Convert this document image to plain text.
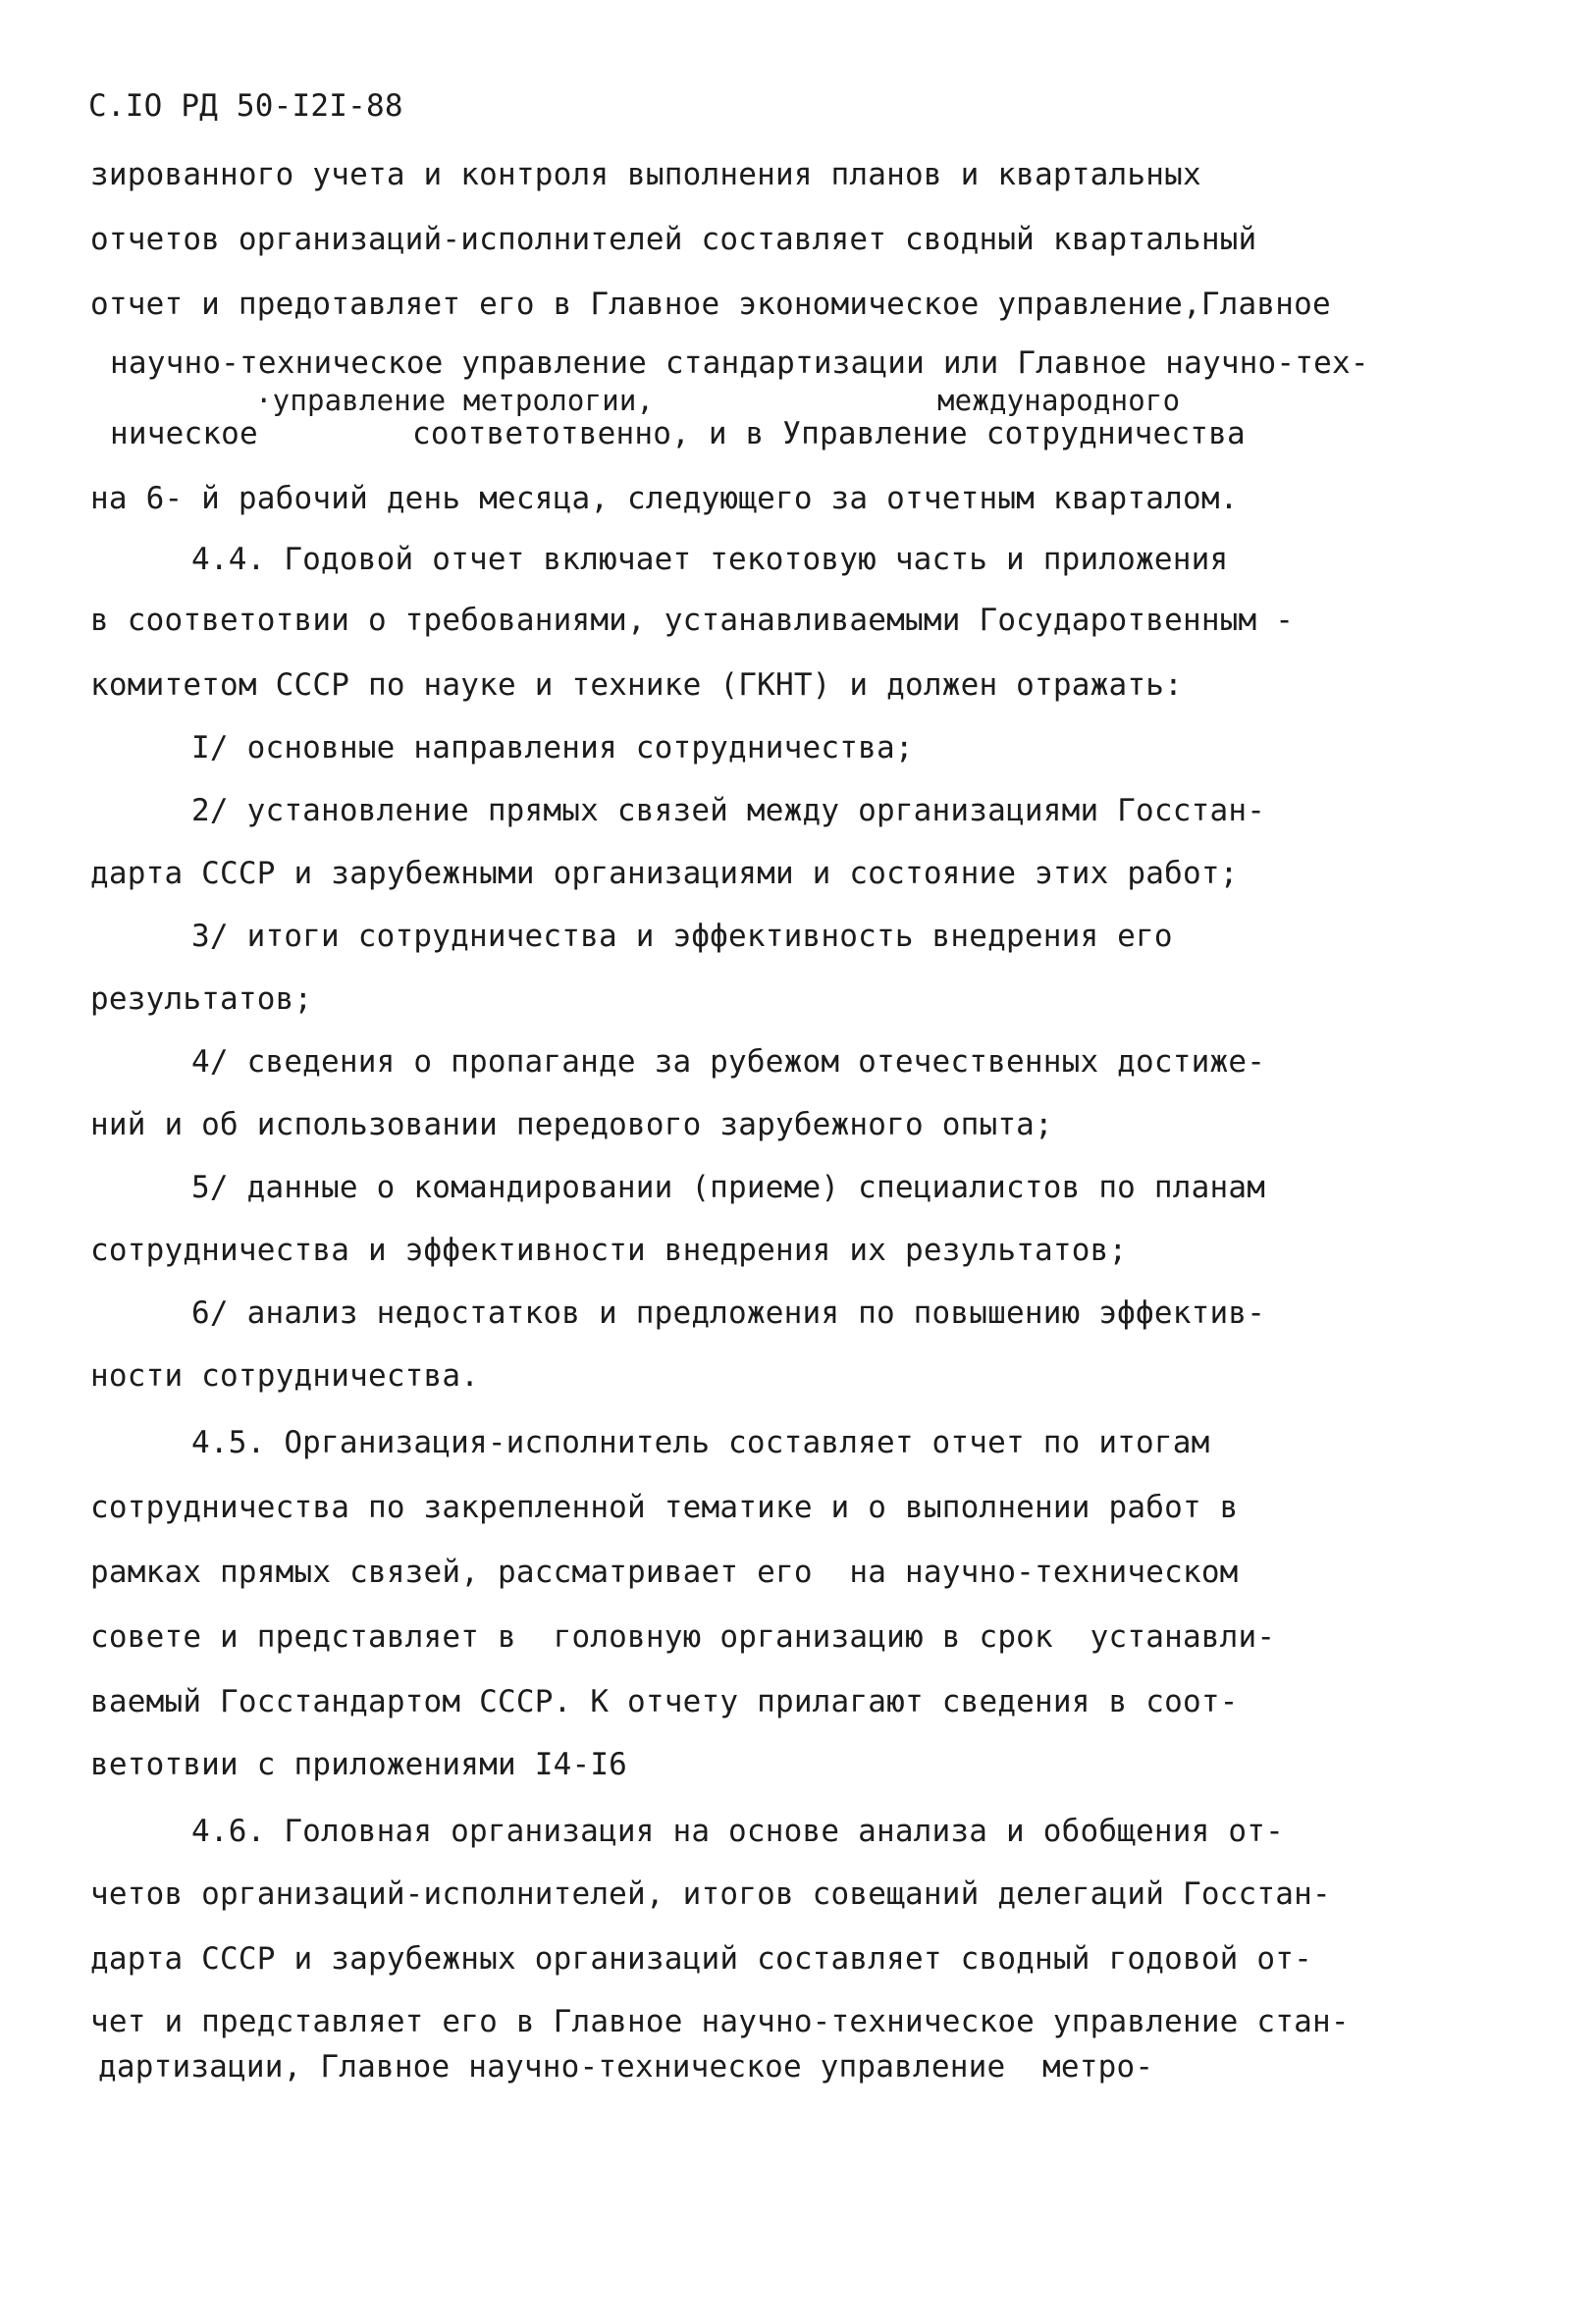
С.IO РД 50-I2I-88
зированного учета и контроля выполнения планов и квартальных
отчетов организаций-исполнителей составляет сводный квартальный
отчет и предотавляет его в Главное экономическое управление,Главное
научно-техническое управление стандартизации или Главное научно-тех-
·управление метрологии,	международного
ническое	соответотвенно, и в Управление сотрудничества
на 6- й рабочий день месяца, следующего за отчетным кварталом.
4.4. Годовой отчет включает текотовую часть и приложения
в соответотвии о требованиями, устанавливаемыми Государотвенным -
комитетом СССР по науке и технике (ГКНТ) и должен отражать:
I/ основные направления сотрудничества;
2/ установление прямых связей между организациями Госстан-
дарта СССР и зарубежными организациями и состояние этих работ;
3/ итоги сотрудничества и эффективность внедрения его
результатов;
4/ сведения о пропаганде за рубежом отечественных достиже-
ний и об использовании передового зарубежного опыта;
5/ данные о командировании (приеме) специалистов по планам
сотрудничества и эффективности внедрения их результатов;
6/ анализ недостатков и предложения по повышению эффектив-
ности сотрудничества.
4.5. Организация-исполнитель составляет отчет по итогам
сотрудничества по закрепленной тематике и о выполнении работ в
рамках прямых связей, рассматривает его  на научно-техническом
совете и представляет в  головную организацию в срок  устанавли-
ваемый Госстандартом СССР. К отчету прилагают сведения в соот-
ветотвии с приложениями I4-I6
4.6. Головная организация на основе анализа и обобщения от-
четов организаций-исполнителей, итогов совещаний делегаций Госстан-
дарта СССР и зарубежных организаций составляет сводный годовой от-
чет и представляет его в Главное научно-техническое управление стан-
дартизации, Главное научно-техническое управление  метро-
